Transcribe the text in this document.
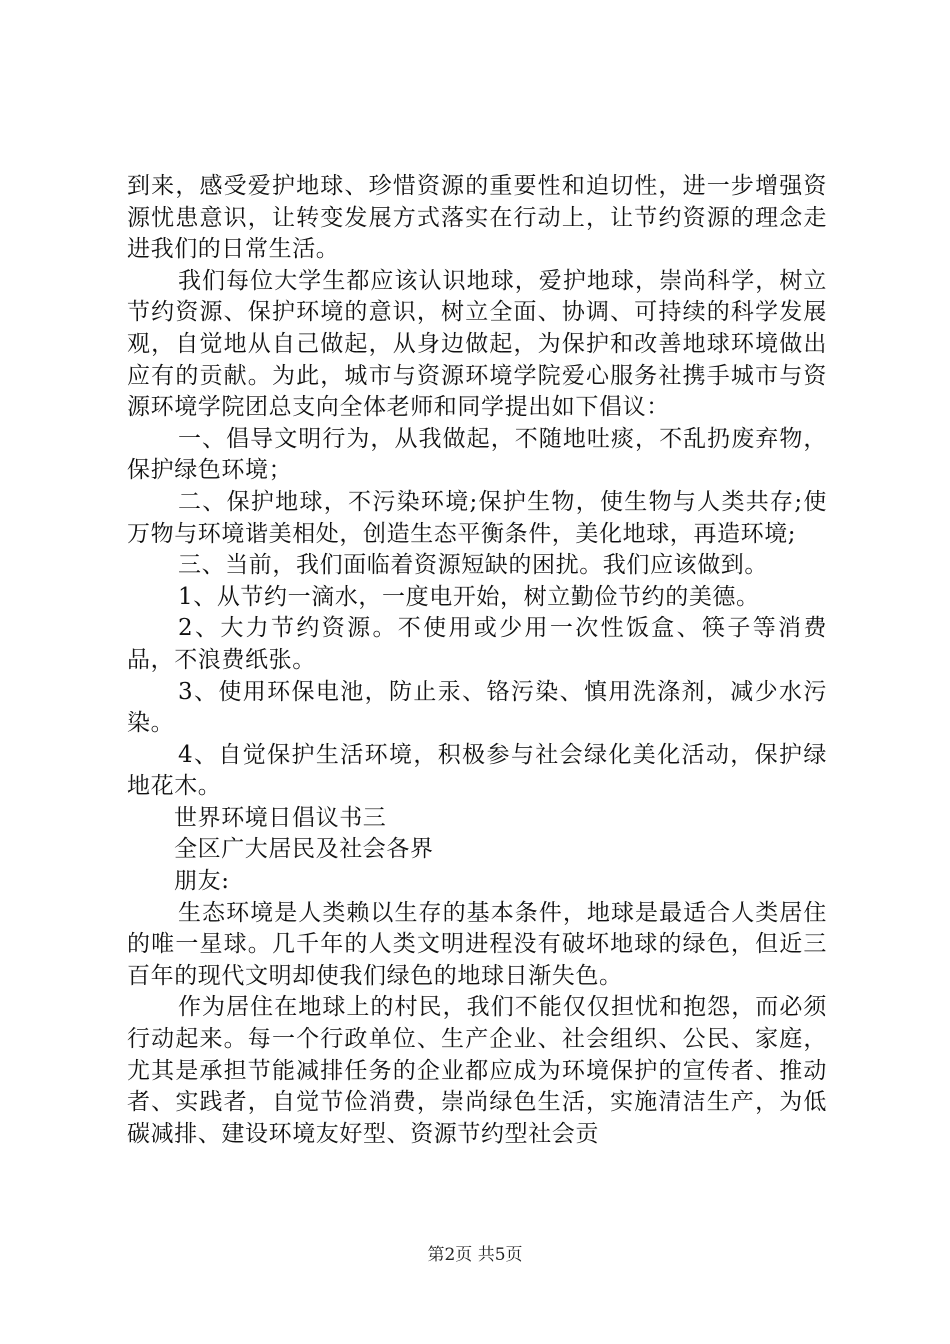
到来，感受爱护地球、珍惜资源的重要性和迫切性，进一步增强资源忧患意识，让转变发展方式落实在行动上，让节约资源的理念走进我们的日常生活。

我们每位大学生都应该认识地球，爱护地球，崇尚科学，树立节约资源、保护环境的意识，树立全面、协调、可持续的科学发展观，自觉地从自己做起，从身边做起，为保护和改善地球环境做出应有的贡献。为此，城市与资源环境学院爱心服务社携手城市与资源环境学院团总支向全体老师和同学提出如下倡议：

一、倡导文明行为，从我做起，不随地吐痰，不乱扔废弃物，保护绿色环境；

二、保护地球，不污染环境;保护生物，使生物与人类共存;使万物与环境谐美相处，创造生态平衡条件，美化地球，再造环境;

三、当前，我们面临着资源短缺的困扰。我们应该做到。

1、从节约一滴水，一度电开始，树立勤俭节约的美德。

2、大力节约资源。不使用或少用一次性饭盒、筷子等消费品，不浪费纸张。

3、使用环保电池，防止汞、铬污染、慎用洗涤剂，减少水污染。

4、自觉保护生活环境，积极参与社会绿化美化活动，保护绿地花木。

世界环境日倡议书三

全区广大居民及社会各界

朋友:

生态环境是人类赖以生存的基本条件，地球是最适合人类居住的唯一星球。几千年的人类文明进程没有破坏地球的绿色，但近三百年的现代文明却使我们绿色的地球日渐失色。

作为居住在地球上的村民，我们不能仅仅担忧和抱怨，而必须行动起来。每一个行政单位、生产企业、社会组织、公民、家庭，尤其是承担节能减排任务的企业都应成为环境保护的宣传者、推动者、实践者，自觉节俭消费，崇尚绿色生活，实施清洁生产，为低碳减排、建设环境友好型、资源节约型社会贡

第2页 共5页
